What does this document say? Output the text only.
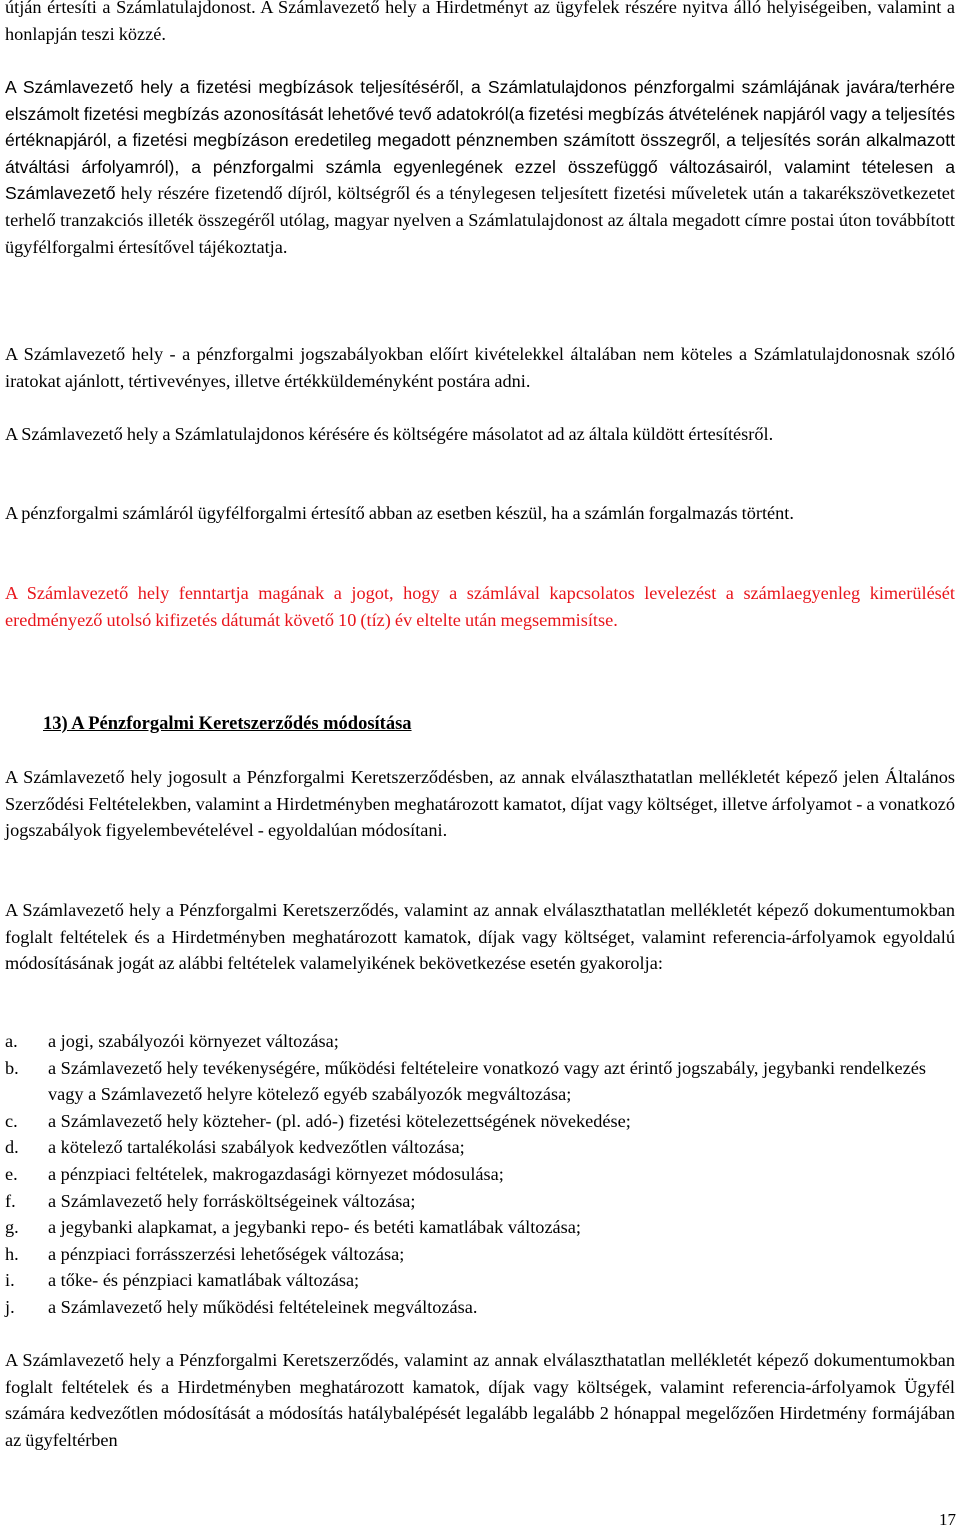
útján értesíti a Számlatulajdonost. A Számlavezető hely a Hirdetményt az ügyfelek részére nyitva álló helyiségeiben, valamint a honlapján teszi közzé.

A Számlavezető hely a fizetési megbízások teljesítéséről, a Számlatulajdonos pénzforgalmi számlájának javára/terhére elszámolt fizetési megbízás azonosítását lehetővé tevő adatokról(a fizetési megbízás átvételének napjáról vagy a teljesítés értéknapjáról, a fizetési megbízáson eredetileg megadott pénznemben számított összegről, a teljesítés során alkalmazott átváltási árfolyamról), a pénzforgalmi számla egyenlegének ezzel összefüggő változásairól, valamint tételesen a Számlavezető hely részére fizetendő díjról, költségről és a ténylegesen teljesített fizetési műveletek után a takarékszövetkezetet terhelő tranzakciós illeték összegéről utólag, magyar nyelven a Számlatulajdonost az általa megadott címre postai úton továbbított ügyfélforgalmi értesítővel tájékoztatja.

A Számlavezető hely - a pénzforgalmi jogszabályokban előírt kivételekkel általában nem köteles a Számlatulajdonosnak szóló iratokat ajánlott, tértivevényes, illetve értékküldeményként postára adni.

A Számlavezető hely a Számlatulajdonos kérésére és költségére másolatot ad az általa küldött értesítésről.

A pénzforgalmi számláról ügyfélforgalmi értesítő abban az esetben készül, ha a számlán forgalmazás történt.

A Számlavezető hely fenntartja magának a jogot, hogy a számlával kapcsolatos levelezést a számlaegyenleg kimerülését eredményező utolsó kifizetés dátumát követő 10 (tíz) év eltelte után megsemmisítse.

13) A Pénzforgalmi Keretszerződés módosítása

A Számlavezető hely jogosult a Pénzforgalmi Keretszerződésben, az annak elválaszthatatlan mellékletét képező jelen Általános Szerződési Feltételekben, valamint a Hirdetményben meghatározott kamatot, díjat vagy költséget, illetve árfolyamot - a vonatkozó jogszabályok figyelembevételével - egyoldalúan módosítani.

A Számlavezető hely a Pénzforgalmi Keretszerződés, valamint az annak elválaszthatatlan mellékletét képező dokumentumokban foglalt feltételek és a Hirdetményben meghatározott kamatok, díjak vagy költséget, valamint referencia-árfolyamok egyoldalú módosításának jogát az alábbi feltételek valamelyikének bekövetkezése esetén gyakorolja:

a. a jogi, szabályozói környezet változása;
b. a Számlavezető hely tevékenységére, működési feltételeire vonatkozó vagy azt érintő jogszabály, jegybanki rendelkezés vagy a Számlavezető helyre kötelező egyéb szabályozók megváltozása;
c. a Számlavezető hely közteher- (pl. adó-) fizetési kötelezettségének növekedése;
d. a kötelező tartalékolási szabályok kedvezőtlen változása;
e. a pénzpiaci feltételek, makrogazdasági környezet módosulása;
f. a Számlavezető hely forrásköltségeinek változása;
g. a jegybanki alapkamat, a jegybanki repo- és betéti kamatlábak változása;
h. a pénzpiaci forrásszerzési lehetőségek változása;
i. a tőke- és pénzpiaci kamatlábak változása;
j. a Számlavezető hely működési feltételeinek megváltozása.

A Számlavezető hely a Pénzforgalmi Keretszerződés, valamint az annak elválaszthatatlan mellékletét képező dokumentumokban foglalt feltételek és a Hirdetményben meghatározott kamatok, díjak vagy költségek, valamint referencia-árfolyamok Ügyfél számára kedvezőtlen módosítását a módosítás hatálybalépését legalább legalább 2 hónappal megelőzően Hirdetmény formájában az ügyfeltérben

17
